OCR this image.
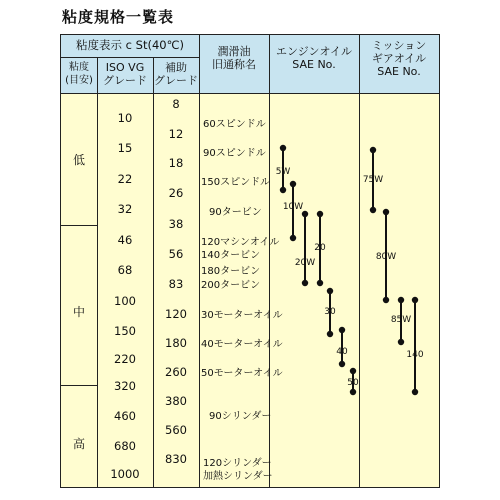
粘度規格一覧表
粘度表示 c St(40℃)
粘度
(目安)
ISO VG
グレード
補助
グレード
潤滑油
旧通称名
エンジンオイル
SAE No.
ミッション
ギアオイル
SAE No.
低
中
高
10
15
22
32
46
68
100
150
220
320
460
680
1000
8
12
18
26
38
56
83
120
180
260
380
560
830
60スピンドル
90スピンドル
150スピンドル
90タービン
120マシンオイル
140タービン
180タービン
200タービン
30モーターオイル
40モーターオイル
50モーターオイル
90シリンダー
120シリンダー
加熱シリンダー
5W
10W
20W
20
30
40
50
75W
80W
85W
140
